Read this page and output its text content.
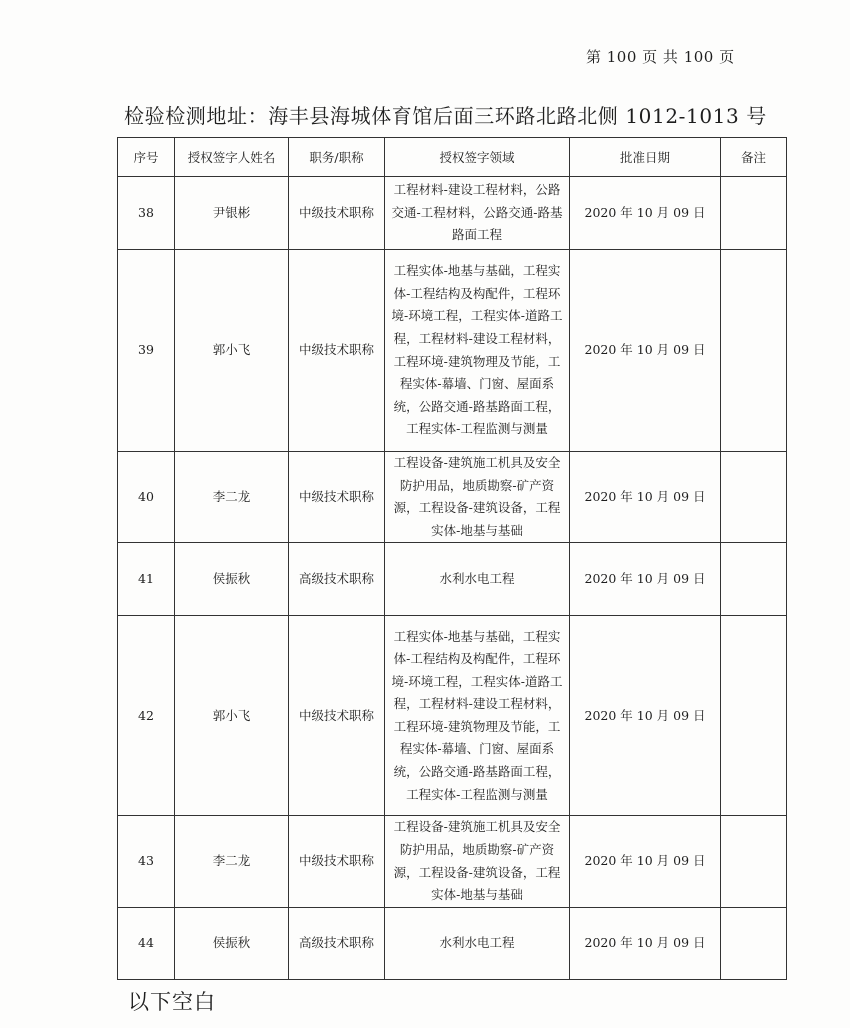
第 100 页 共 100 页
检验检测地址：海丰县海城体育馆后面三环路北路北侧 1012-1013 号
序号	授权签字人姓名	职务/职称	授权签字领域	批准日期	备注
38	尹银彬	中级技术职称	工程材料-建设工程材料，公路交通-工程材料，公路交通-路基路面工程	2020 年 10 月 09 日	
39	郭小飞	中级技术职称	工程实体-地基与基础，工程实体-工程结构及构配件，工程环境-环境工程，工程实体-道路工程，工程材料-建设工程材料，工程环境-建筑物理及节能，工程实体-幕墙、门窗、屋面系统，公路交通-路基路面工程，工程实体-工程监测与测量	2020 年 10 月 09 日	
40	李二龙	中级技术职称	工程设备-建筑施工机具及安全防护用品，地质勘察-矿产资源，工程设备-建筑设备，工程实体-地基与基础	2020 年 10 月 09 日	
41	侯振秋	高级技术职称	水利水电工程	2020 年 10 月 09 日	
42	郭小飞	中级技术职称	工程实体-地基与基础，工程实体-工程结构及构配件，工程环境-环境工程，工程实体-道路工程，工程材料-建设工程材料，工程环境-建筑物理及节能，工程实体-幕墙、门窗、屋面系统，公路交通-路基路面工程，工程实体-工程监测与测量	2020 年 10 月 09 日	
43	李二龙	中级技术职称	工程设备-建筑施工机具及安全防护用品，地质勘察-矿产资源，工程设备-建筑设备，工程实体-地基与基础	2020 年 10 月 09 日	
44	侯振秋	高级技术职称	水利水电工程	2020 年 10 月 09 日	
以下空白
